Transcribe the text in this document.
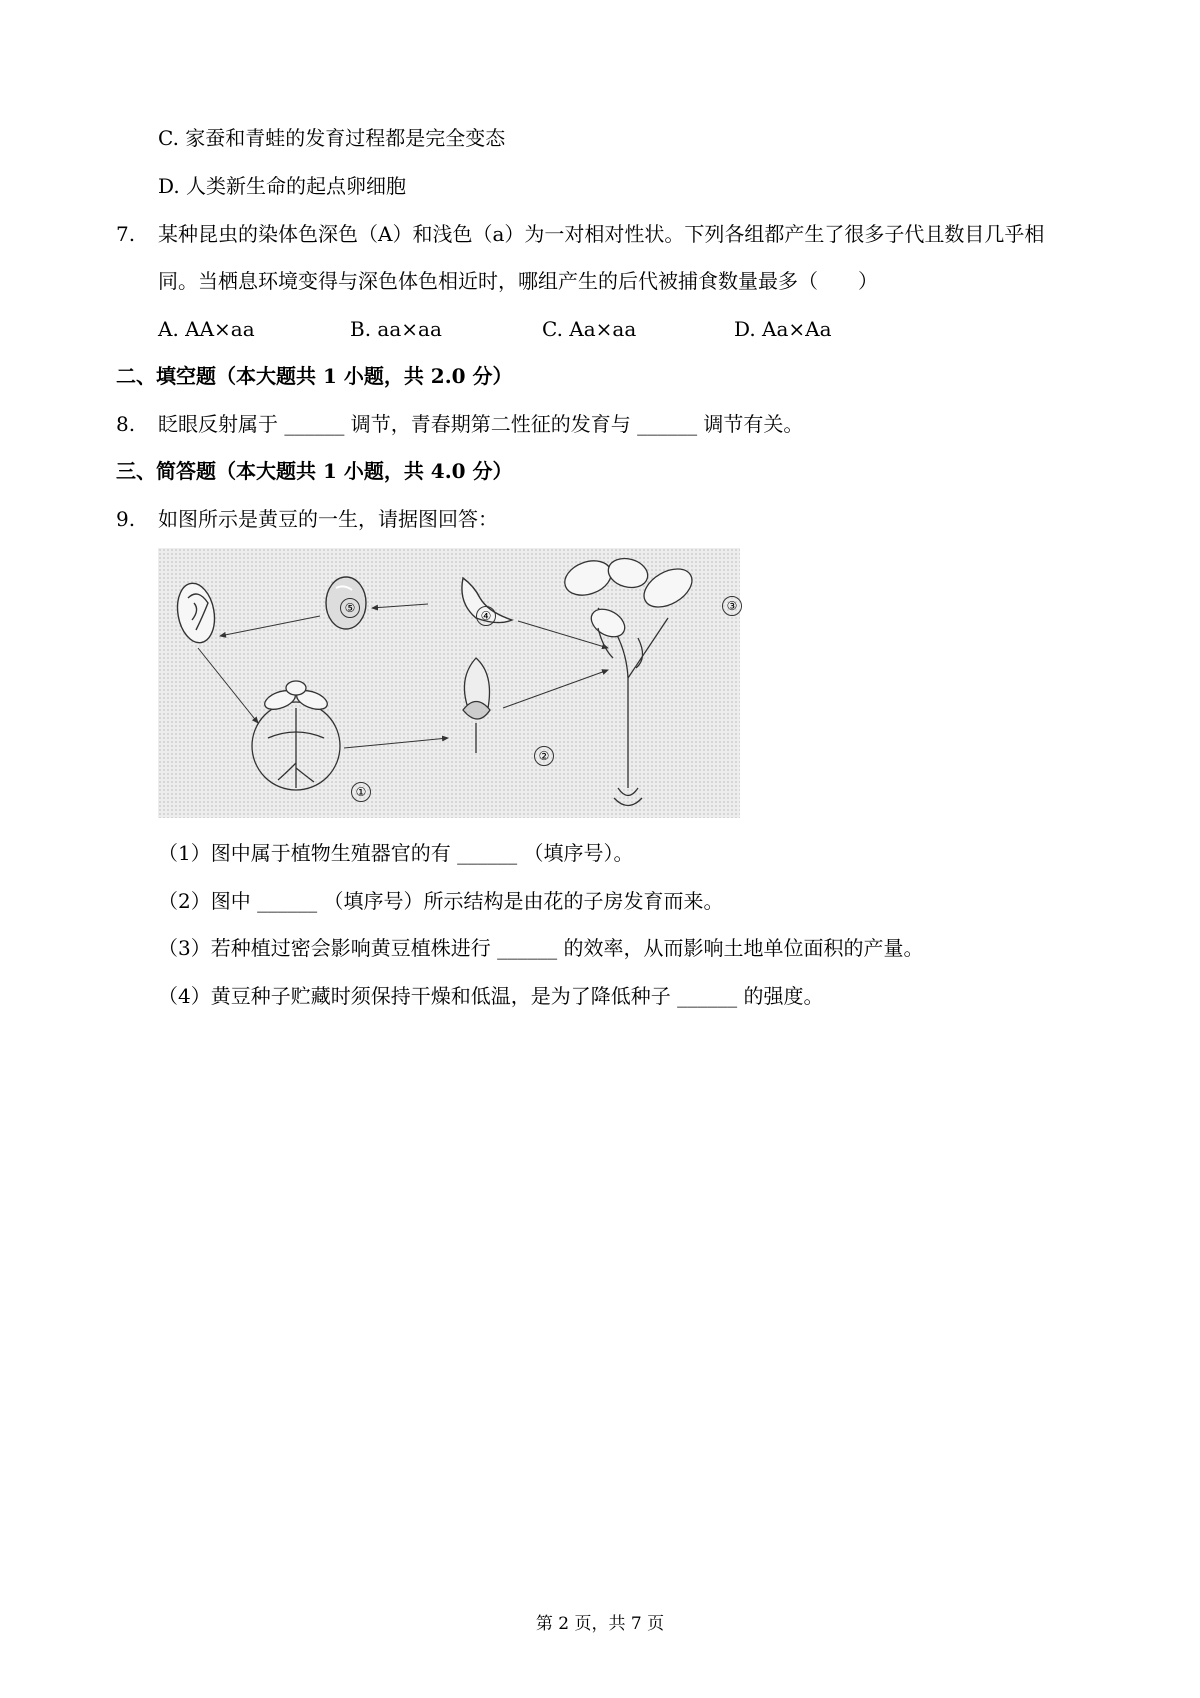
C. 家蚕和青蛙的发育过程都是完全变态
D. 人类新生命的起点卵细胞
7. 某种昆虫的染体色深色（A）和浅色（a）为一对相对性状。下列各组都产生了很多子代且数目几乎相
同。当栖息环境变得与深色体色相近时，哪组产生的后代被捕食数量最多（　　）
A. AA×aa	B. aa×aa	C. Aa×aa	D. Aa×Aa
二、填空题（本大题共 1 小题，共 2.0 分）
8. 眨眼反射属于 ______ 调节，青春期第二性征的发育与 ______ 调节有关。
三、简答题（本大题共 1 小题，共 4.0 分）
9. 如图所示是黄豆的一生，请据图回答：
①
②
③
④
⑤
（1）图中属于植物生殖器官的有 ______ （填序号）。
（2）图中 ______ （填序号）所示结构是由花的子房发育而来。
（3）若种植过密会影响黄豆植株进行 ______ 的效率，从而影响土地单位面积的产量。
（4）黄豆种子贮藏时须保持干燥和低温，是为了降低种子 ______ 的强度。
第 2 页，共 7 页
